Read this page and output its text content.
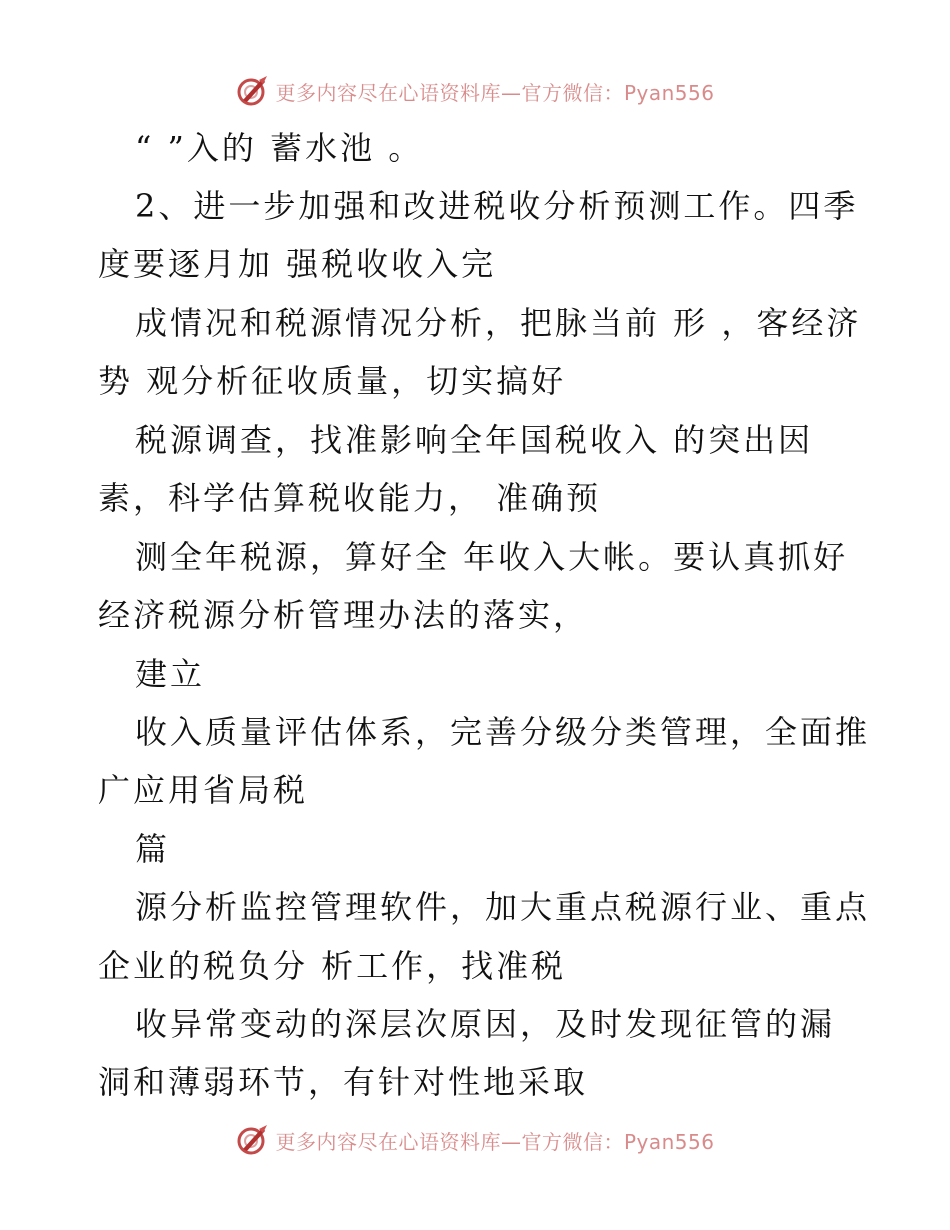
更多内容尽在心语资料库—官方微信：Pyan556
“ ”入的 蓄水池 。
2、进一步加强和改进税收分析预测工作。四季
度要逐月加 强税收收入完
成情况和税源情况分析，把脉当前 形 ，客经济
势 观分析征收质量，切实搞好
税源调查，找准影响全年国税收入 的突出因
素，科学估算税收能力， 准确预
测全年税源，算好全 年收入大帐。要认真抓好
经济税源分析管理办法的落实，
建立
收入质量评估体系，完善分级分类管理，全面推
广应用省局税
篇
源分析监控管理软件，加大重点税源行业、重点
企业的税负分 析工作，找准税
收异常变动的深层次原因，及时发现征管的漏
洞和薄弱环节，有针对性地采取
更多内容尽在心语资料库—官方微信：Pyan556
